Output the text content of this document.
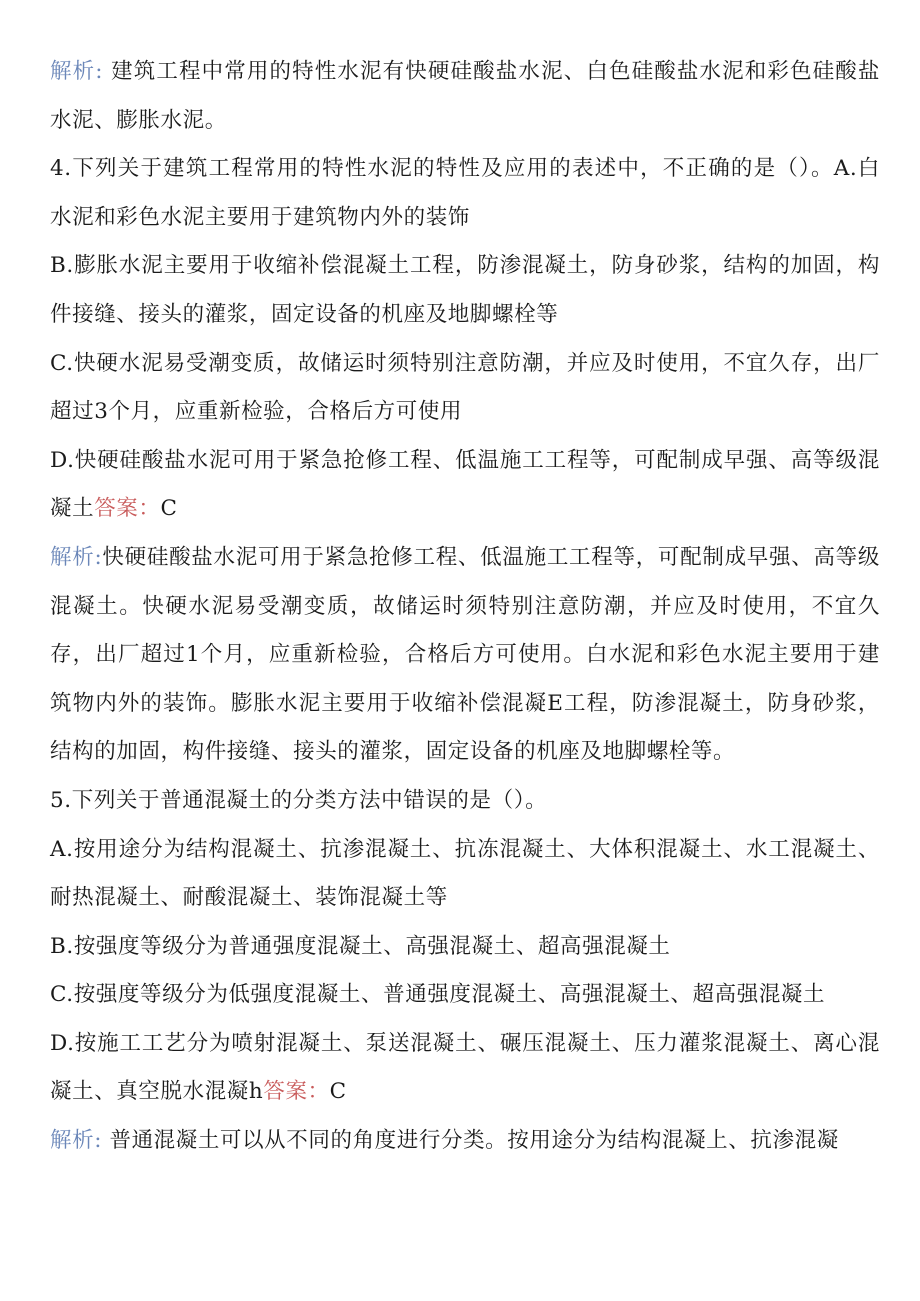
解析: 建筑工程中常用的特性水泥有快硬硅酸盐水泥、白色硅酸盐水泥和彩色硅酸盐水泥、膨胀水泥。

4.下列关于建筑工程常用的特性水泥的特性及应用的表述中，不正确的是（）。A.白水泥和彩色水泥主要用于建筑物内外的装饰

B.膨胀水泥主要用于收缩补偿混凝土工程，防渗混凝土，防身砂浆，结构的加固，构件接缝、接头的灌浆，固定设备的机座及地脚螺栓等

C.快硬水泥易受潮变质，故储运时须特别注意防潮，并应及时使用，不宜久存，出厂超过3个月，应重新检验，合格后方可使用

D.快硬硅酸盐水泥可用于紧急抢修工程、低温施工工程等，可配制成早强、高等级混凝土答案：C

解析:快硬硅酸盐水泥可用于紧急抢修工程、低温施工工程等，可配制成早强、高等级混凝土。快硬水泥易受潮变质，故储运时须特别注意防潮，并应及时使用，不宜久存，出厂超过1个月，应重新检验，合格后方可使用。白水泥和彩色水泥主要用于建筑物内外的装饰。膨胀水泥主要用于收缩补偿混凝E工程，防渗混凝土，防身砂浆，结构的加固，构件接缝、接头的灌浆，固定设备的机座及地脚螺栓等。

5.下列关于普通混凝土的分类方法中错误的是（）。

A.按用途分为结构混凝土、抗渗混凝土、抗冻混凝土、大体积混凝土、水工混凝土、耐热混凝土、耐酸混凝土、装饰混凝土等

B.按强度等级分为普通强度混凝土、高强混凝土、超高强混凝土

C.按强度等级分为低强度混凝土、普通强度混凝土、高强混凝土、超高强混凝土

D.按施工工艺分为喷射混凝土、泵送混凝土、碾压混凝土、压力灌浆混凝土、离心混凝土、真空脱水混凝h答案：C

解析: 普通混凝土可以从不同的角度进行分类。按用途分为结构混凝上、抗渗混凝
